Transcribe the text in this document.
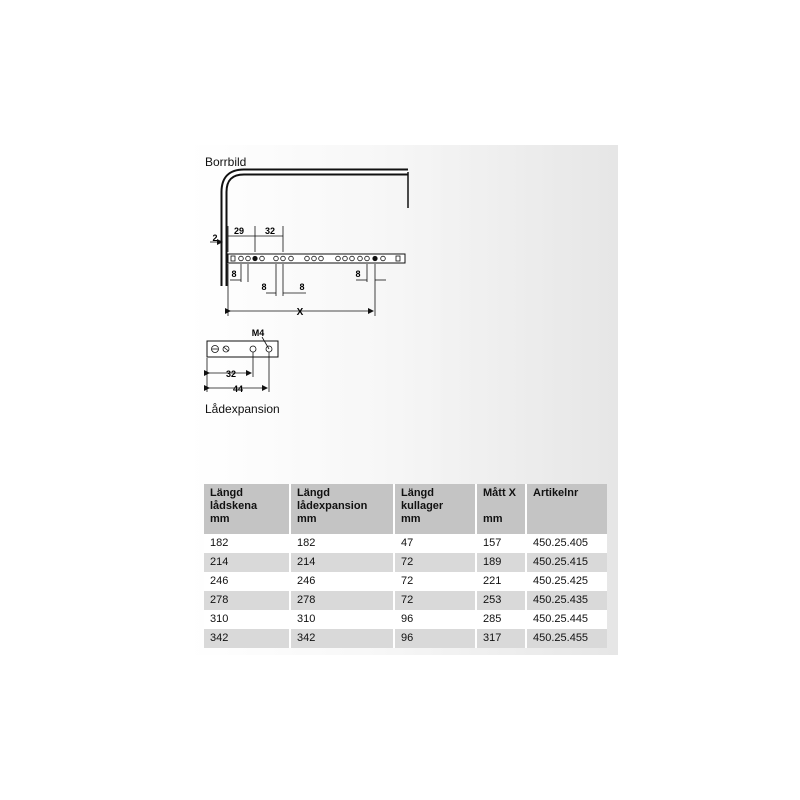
Borrbild
Lådexpansion
2
29 32
8
8	8
8
X
M4
32
44
Längd
lådskena
mm	Längd
lådexpansion
mm	Längd
kullager
mm	Mått X
mm	Artikelnr

182	182	47	157	450.25.405
214	214	72	189	450.25.415
246	246	72	221	450.25.425
278	278	72	253	450.25.435
310	310	96	285	450.25.445
342	342	96	317	450.25.455
